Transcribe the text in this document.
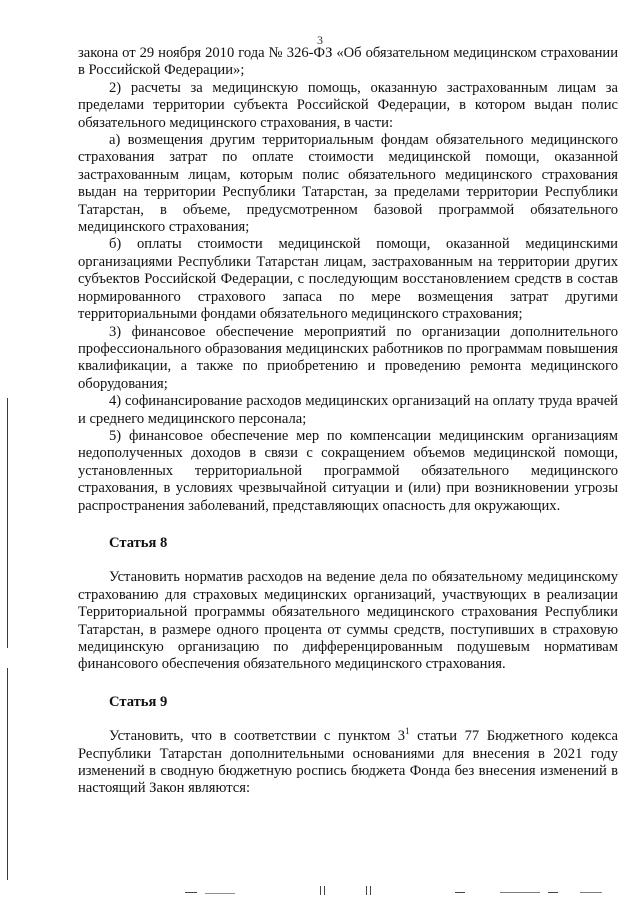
3

закона от 29 ноября 2010 года № 326-ФЗ «Об обязательном медицинском страховании в Российской Федерации»;

2) расчеты за медицинскую помощь, оказанную застрахованным лицам за пределами территории субъекта Российской Федерации, в котором выдан полис обязательного медицинского страхования, в части:

а) возмещения другим территориальным фондам обязательного медицинского страхования затрат по оплате стоимости медицинской помощи, оказанной застрахованным лицам, которым полис обязательного медицинского страхования выдан на территории Республики Татарстан, за пределами территории Республики Татарстан, в объеме, предусмотренном базовой программой обязательного медицинского страхования;

б) оплаты стоимости медицинской помощи, оказанной медицинскими организациями Республики Татарстан лицам, застрахованным на территории других субъектов Российской Федерации, с последующим восстановлением средств в состав нормированного страхового запаса по мере возмещения затрат другими территориальными фондами обязательного медицинского страхования;

3) финансовое обеспечение мероприятий по организации дополнительного профессионального образования медицинских работников по программам повышения квалификации, а также по приобретению и проведению ремонта медицинского оборудования;

4) софинансирование расходов медицинских организаций на оплату труда врачей и среднего медицинского персонала;

5) финансовое обеспечение мер по компенсации медицинским организациям недополученных доходов в связи с сокращением объемов медицинской помощи, установленных территориальной программой обязательного медицинского страхования, в условиях чрезвычайной ситуации и (или) при возникновении угрозы распространения заболеваний, представляющих опасность для окружающих.

Статья 8

Установить норматив расходов на ведение дела по обязательному медицинскому страхованию для страховых медицинских организаций, участвующих в реализации Территориальной программы обязательного медицинского страхования Республики Татарстан, в размере одного процента от суммы средств, поступивших в страховую медицинскую организацию по дифференцированным подушевым нормативам финансового обеспечения обязательного медицинского страхования.

Статья 9

Установить, что в соответствии с пунктом $3^1$ статьи 77 Бюджетного кодекса Республики Татарстан дополнительными основаниями для внесения в 2021 году изменений в сводную бюджетную роспись бюджета Фонда без внесения изменений в настоящий Закон являются:
